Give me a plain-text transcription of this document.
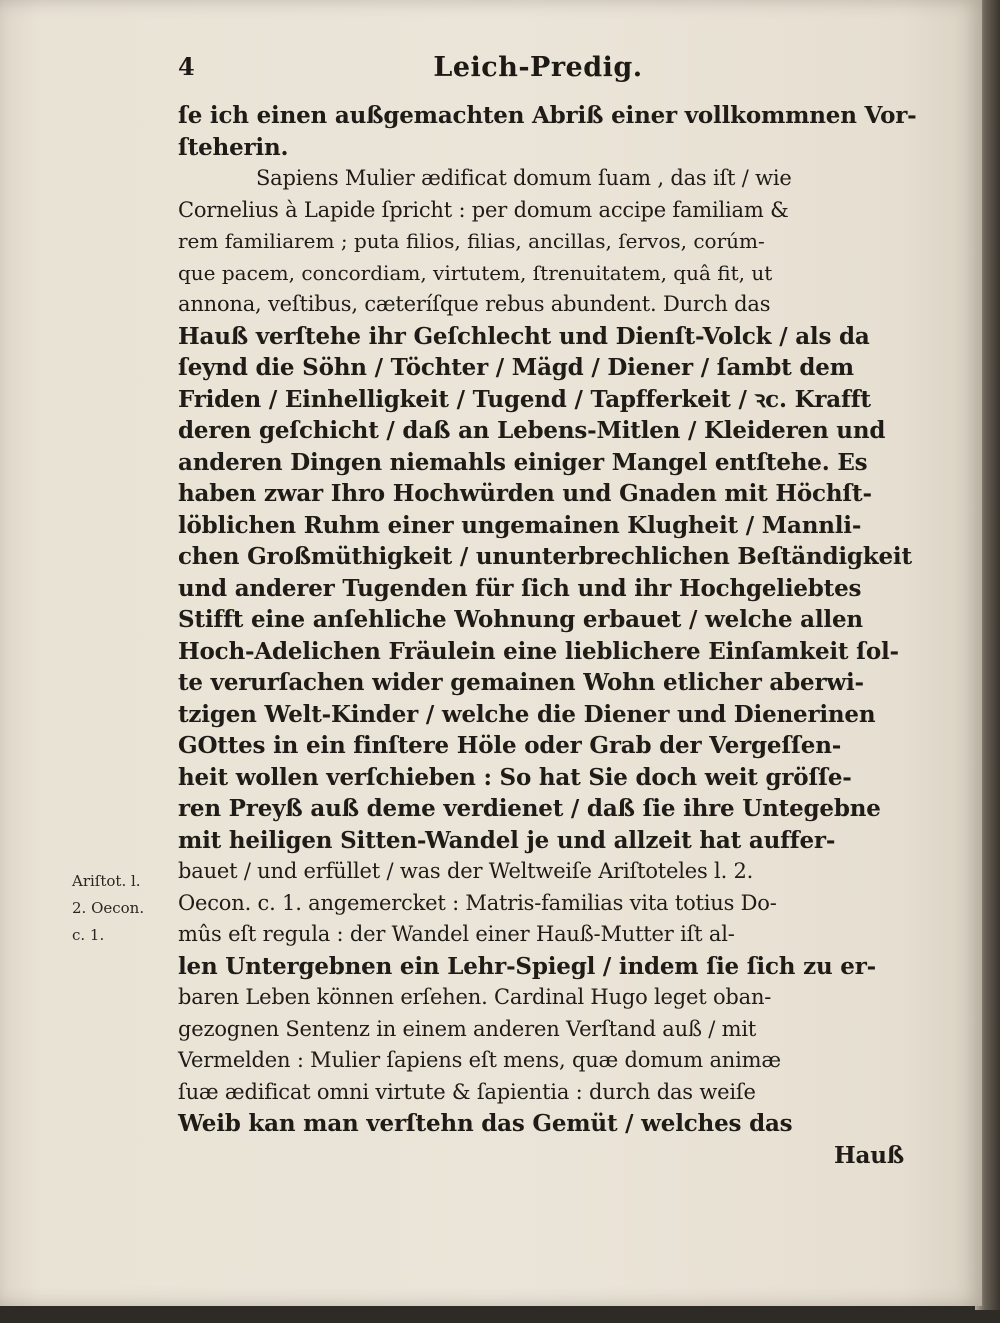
4	Leich-Predig.
ſe ich einen außgemachten Abriß einer vollkommnen Vor-
ſteherin.
Sapiens Mulier ædificat domum ſuam , das iſt / wie
Cornelius à Lapide ſpricht : per domum accipe familiam &
rem familiarem ; puta filios, filias, ancillas, ſervos, corúm-
que pacem, concordiam, virtutem, ſtrenuitatem, quâ fit, ut
annona, veſtibus, cæteríſque rebus abundent. Durch das
Hauß verſtehe ihr Geſchlecht und Dienſt-Volck / als da
ſeynd die Söhn / Töchter / Mägd / Diener / ſambt dem
Friden / Einhelligkeit / Tugend / Tapfferkeit / ꝛc. Krafft
deren geſchicht / daß an Lebens-Mitlen / Kleideren und
anderen Dingen niemahls einiger Mangel entſtehe. Es
haben zwar Ihro Hochwürden und Gnaden mit Höchſt-
löblichen Ruhm einer ungemainen Klugheit / Mannli-
chen Großmüthigkeit / ununterbrechlichen Beſtändigkeit
und anderer Tugenden für ſich und ihr Hochgeliebtes
Stifft eine anſehliche Wohnung erbauet / welche allen
Hoch-Adelichen Fräulein eine lieblichere Einſamkeit ſol-
te verurſachen wider gemainen Wohn etlicher aberwi-
tzigen Welt-Kinder / welche die Diener und Dienerinen
GOttes in ein finſtere Höle oder Grab der Vergeſſen-
heit wollen verſchieben : So hat Sie doch weit gröſſe-
ren Preyß auß deme verdienet / daß ſie ihre Untegebne
mit heiligen Sitten-Wandel je und allzeit hat auffer-
bauet / und erfüllet / was der Weltweiſe Ariſtoteles l. 2.
Oecon. c. 1. angemercket : Matris-familias vita totius Do-
mûs eſt regula : der Wandel einer Hauß-Mutter iſt al-
len Untergebnen ein Lehr-Spiegl / indem ſie ſich zu er-
baren Leben können erſehen. Cardinal Hugo leget oban-
gezognen Sentenz in einem anderen Verſtand auß / mit
Vermelden : Mulier ſapiens eſt mens, quæ domum animæ
ſuæ ædificat omni virtute & ſapientia : durch das weiſe
Weib kan man verſtehn das Gemüt / welches das
Hauß
Ariſtot. l.
2. Oecon.
c. 1.
